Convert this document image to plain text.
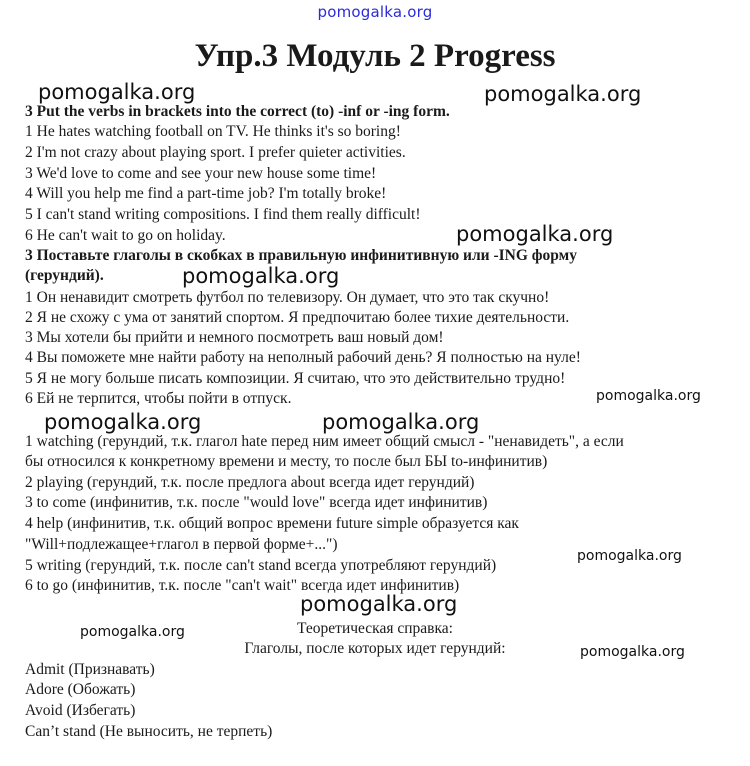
pomogalka.org
pomogalka.org	pomogalka.org
pomogalka.org
pomogalka.org
pomogalka.org
pomogalka.org	pomogalka.org
pomogalka.org
pomogalka.org
pomogalka.org
pomogalka.org
Упр.3 Модуль 2 Progress
3 Put the verbs in brackets into the correct (to) -inf or -ing form.
1 He hates watching football on TV. He thinks it's so boring!
2 I'm not crazy about playing sport. I prefer quieter activities.
3 We'd love to come and see your new house some time!
4 Will you help me find a part-time job? I'm totally broke!
5 I can't stand writing compositions. I find them really difficult!
6 He can't wait to go on holiday.
3 Поставьте глаголы в скобках в правильную инфинитивную или -ING форму
(герундий).
1 Он ненавидит смотреть футбол по телевизору. Он думает, что это так скучно!
2 Я не схожу с ума от занятий спортом. Я предпочитаю более тихие деятельности.
3 Мы хотели бы прийти и немного посмотреть ваш новый дом!
4 Вы поможете мне найти работу на неполный рабочий день? Я полностью на нуле!
5 Я не могу больше писать композиции. Я считаю, что это действительно трудно!
6 Ей не терпится, чтобы пойти в отпуск.
1 watching (герундий, т.к. глагол hate перед ним имеет общий смысл - "ненавидеть", а если
бы относился к конкретному времени и месту, то после был БЫ to-инфинитив)
2 playing (герундий, т.к. после предлога about всегда идет герундий)
3 to come (инфинитив, т.к. после "would love" всегда идет инфинитив)
4 help (инфинитив, т.к. общий вопрос времени future simple образуется как
"Will+подлежащее+глагол в первой форме+...")
5 writing (герундий, т.к. после can't stand всегда употребляют герундий)
6 to go (инфинитив, т.к. после "can't wait" всегда идет инфинитив)
Теоретическая справка:
Глаголы, после которых идет герундий:
Admit (Признавать)
Adore (Обожать)
Avoid (Избегать)
Can’t stand (Не выносить, не терпеть)
